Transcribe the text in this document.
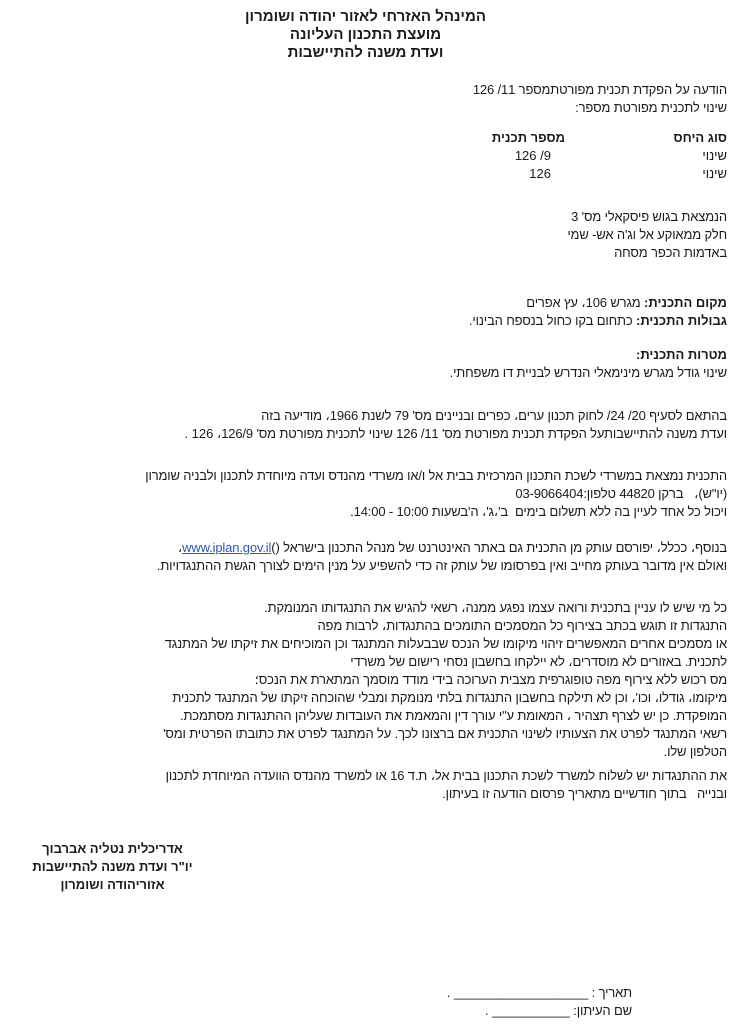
המינהל האזרחי לאזור יהודה ושומרון
מועצת התכנון העליונה
ועדת משנה להתיישבות
הודעה על הפקדת תכנית מפורטתמספר 11/ 126
שינוי לתכנית מפורטת מספר:
סוג היחס
מספר תכנית
שינוי
9/ 126
שינוי
126
הנמצאת בגוש פיסקאלי מס' 3
חלק ממאוקע אל וג'ה אש- שמי
באדמות הכפר מסחה
מקום התכנית: מגרש 106، עץ אפרים
גבולות התכנית: כתחום בקו כחול בנספח הבינוי.
מטרות התכנית:
שינוי גודל מגרש מינימאלי הנדרש לבניית דו משפחתי.
בהתאם לסעיף 20/ 24/ לחוק תכנון ערים، כפרים ובניינים מס' 79 לשנת 1966، מודיעה בזה
ועדת משנה להתיישבותעל הפקדת תכנית מפורטת מס' 11/ 126 שינוי לתכנית מפורטת מס' 126/9، 126 .
התכנית נמצאת במשרדי לשכת התכנון המרכזית בבית אל ו/או משרדי מהנדס ועדה מיוחדת לתכנון ולבניה שומרון
(יו"ש)،   ברקן 44820 טלפון:03-9066404
ויכול כל אחד לעיין בה ללא תשלום בימים  ב'،ג'، ה'בשעות 10:00 - 14:00.
בנוסף، ככלל، יפורסם עותק מן התכנית גם באתר האינטרנט של מנהל התכנון בישראל ()www.iplan.gov.il،
ואולם אין מדובר בעותק מחייב ואין בפרסומו של עותק זה כדי להשפיע על מנין הימים לצורך הגשת ההתנגדויות.
כל מי שיש לו עניין בתכנית ורואה עצמו נפגע ממנה، רשאי להגיש את התנגדותו המנומקת.
התנגדות זו תוגש בכתב בצירוף כל המסמכים התומכים בהתנגדות، לרבות מפה
או מסמכים אחרים המאפשרים זיהוי מיקומו של הנכס שבבעלות המתנגד וכן המוכיחים את זיקתו של המתנגד
לתכנית. באזורים לא מוסדרים، לא יילקחו בחשבון נסחי רישום של משרדי
מס רכוש ללא צירוף מפה טופוגרפית מצבית הערוכה בידי מודד מוסמך המתארת את הנכס؛
מיקומו، גודלו، וכו'، וכן לא תילקח בחשבון התנגדות בלתי מנומקת ומבלי שהוכחה זיקתו של המתנגד לתכנית
המופקדת. כן יש לצרף תצהיר ، המאומת ע"י עורך דין והמאמת את העובדות שעליהן ההתנגדות מסתמכת.
רשאי המתנגד לפרט את הצעותיו לשינוי התכנית אם ברצונו לכך. על המתנגד לפרט את כתובתו הפרטית ומס'
הטלפון שלו.
את ההתנגדות יש לשלוח למשרד לשכת התכנון בבית אל، ת.ד 16 או למשרד מהנדס הוועדה המיוחדת לתכנון
ובנייה   בתוך חודשיים מתאריך פרסום הודעה זו בעיתון.
אדריכלית נטליה אברבוך
יו"ר ועדת משנה להתיישבות
אזוריהודה ושומרון
תאריך : ___________________ .
שם העיתון: ___________ .
